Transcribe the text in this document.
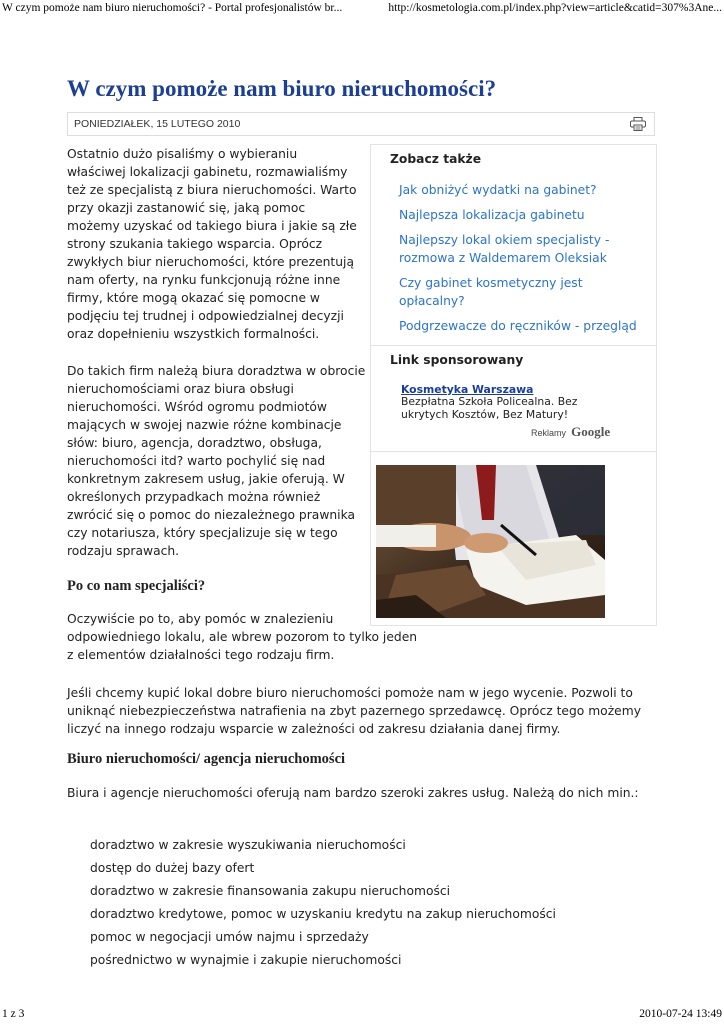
W czym pomoże nam biuro nieruchomości? - Portal profesjonalistów br...	http://kosmetologia.com.pl/index.php?view=article&catid=307%3Ane...
W czym pomoże nam biuro nieruchomości?
PONIEDZIAŁEK, 15 LUTEGO 2010

Ostatnio dużo pisaliśmy o wybieraniu właściwej lokalizacji gabinetu, rozmawialiśmy też ze specjalistą z biura nieruchomości. Warto przy okazji zastanowić się, jaką pomoc możemy uzyskać od takiego biura i jakie są złe strony szukania takiego wsparcia. Oprócz zwykłych biur nieruchomości, które prezentują nam oferty, na rynku funkcjonują różne inne firmy, które mogą okazać się pomocne w podjęciu tej trudnej i odpowiedzialnej decyzji oraz dopełnieniu wszystkich formalności.

Do takich firm należą biura doradztwa w obrocie nieruchomościami oraz biura obsługi nieruchomości. Wśród ogromu podmiotów mających w swojej nazwie różne kombinacje słów: biuro, agencja, doradztwo, obsługa, nieruchomości itd? warto pochylić się nad konkretnym zakresem usług, jakie oferują. W określonych przypadkach można również zwrócić się o pomoc do niezależnego prawnika czy notariusza, który specjalizuje się w tego rodzaju sprawach.

Po co nam specjaliści?

Oczywiście po to, aby pomóc w znalezieniu odpowiedniego lokalu, ale wbrew pozorom to tylko jeden z elementów działalności tego rodzaju firm.

Jeśli chcemy kupić lokal dobre biuro nieruchomości pomoże nam w jego wycenie. Pozwoli to uniknąć niebezpieczeństwa natrafienia na zbyt pazernego sprzedawcę. Oprócz tego możemy liczyć na innego rodzaju wsparcie w zależności od zakresu działania danej firmy.

Biuro nieruchomości/ agencja nieruchomości

Biura i agencje nieruchomości oferują nam bardzo szeroki zakres usług. Należą do nich min.:

doradztwo w zakresie wyszukiwania nieruchomości
dostęp do dużej bazy ofert
doradztwo w zakresie finansowania zakupu nieruchomości
doradztwo kredytowe, pomoc w uzyskaniu kredytu na zakup nieruchomości
pomoc w negocjacji umów najmu i sprzedaży
pośrednictwo w wynajmie i zakupie nieruchomości
Zobacz także
Jak obniżyć wydatki na gabinet?
Najlepsza lokalizacja gabinetu
Najlepszy lokal okiem specjalisty - rozmowa z Waldemarem Oleksiak
Czy gabinet kosmetyczny jest opłacalny?
Podgrzewacze do ręczników - przegląd
Link sponsorowany
Kosmetyka Warszawa
Bezpłatna Szkoła Policealna. Bez ukrytych Kosztów, Bez Matury!
Reklamy Google
1 z 3	2010-07-24 13:49
